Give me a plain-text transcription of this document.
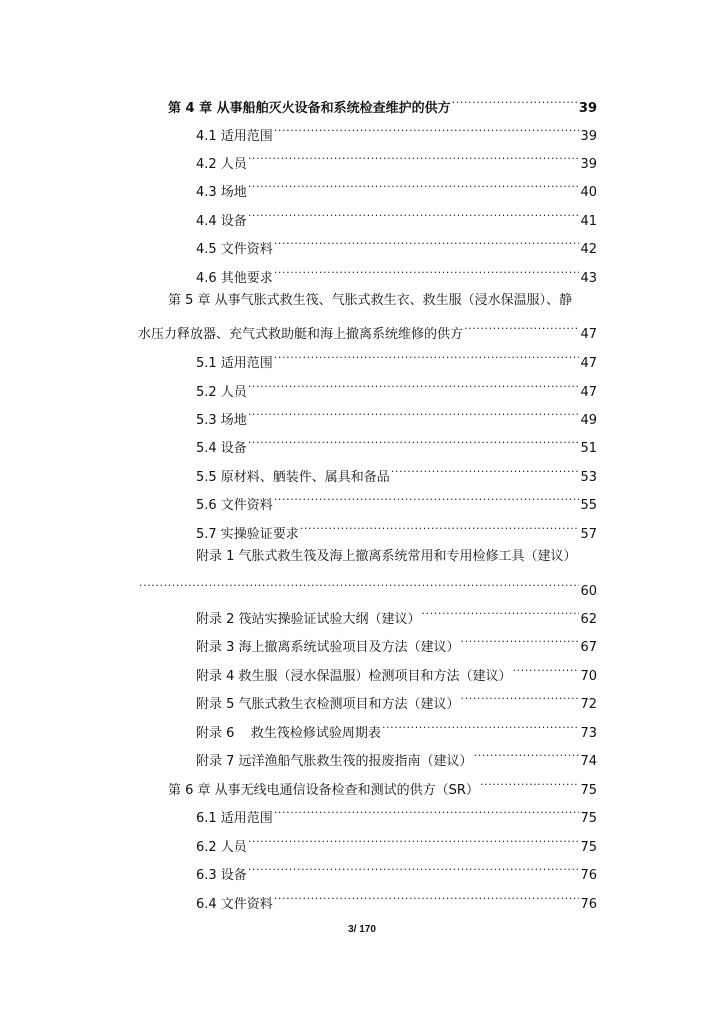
第 4 章 从事船舶灭火设备和系统检查维护的供方 .....	39
4.1 适用范围 .....	39
4.2 人员 .....	39
4.3 场地 .....	40
4.4 设备 .....	41
4.5 文件资料 .....	42
4.6 其他要求 .....	43
第 5 章 从事气胀式救生筏、气胀式救生衣、救生服（浸水保温服）、静
水压力释放器、充气式救助艇和海上撤离系统维修的供方 .....	47
5.1 适用范围 .....	47
5.2 人员 .....	47
5.3 场地 .....	49
5.4 设备 .....	51
5.5 原材料、舾装件、属具和备品 .....	53
5.6 文件资料 .....	55
5.7 实操验证要求 .....	57
附录 1 气胀式救生筏及海上撤离系统常用和专用检修工具（建议）
.....
60
附录 2 筏站实操验证试验大纲（建议） .....	62
附录 3 海上撤离系统试验项目及方法（建议） .....	67
附录 4 救生服（浸水保温服）检测项目和方法（建议） .....	70
附录 5 气胀式救生衣检测项目和方法（建议） .....	72
附录 6    救生筏检修试验周期表 .....	73
附录 7 远洋渔船气胀救生筏的报废指南（建议） .....	74
第 6 章 从事无线电通信设备检查和测试的供方（SR） .....	75
6.1 适用范围 .....	75
6.2 人员 .....	75
6.3 设备 .....	76
6.4 文件资料 .....	76
3/ 170
